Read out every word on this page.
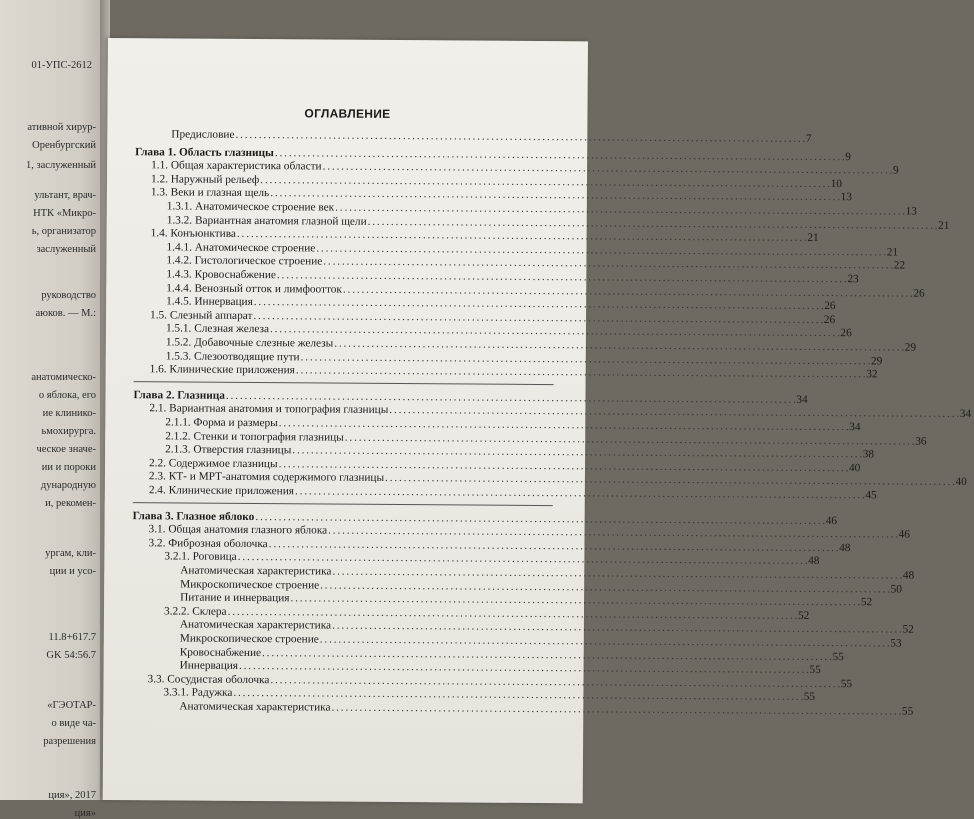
01-УПС-2612
ативной хирур-
Оренбургский
1, заслуженный
ультант, врач-
НТК «Микро-
ь, организатор
заслуженный
руководство
аюков. — М.:
анатомическо-
о яблока, его
ие клинико-
ьмохирурга.
ческое значе-
ии и пороки
дународную
и, рекомен-
ургам, кли-
ции и усо-
11.8+617.7
GK 54:56.7
«ГЭОТАР-
о виде ча-
разрешения
ция», 2017
ция»
ОГЛАВЛЕНИЕ
Предисловие . . .	7
Глава 1. Область глазницы . . .	9
1.1. Общая характеристика области . . .	9
1.2. Наружный рельеф . . .	10
1.3. Веки и глазная щель . . .	13
1.3.1. Анатомическое строение век . . .	13
1.3.2. Вариантная анатомия глазной щели . . .	21
1.4. Конъюнктива . . .	21
1.4.1. Анатомическое строение . . .	21
1.4.2. Гистологическое строение . . .	22
1.4.3. Кровоснабжение . . .	23
1.4.4. Венозный отток и лимфоотток . . .	26
1.4.5. Иннервация . . .	26
1.5. Слезный аппарат . . .	26
1.5.1. Слезная железа . . .	26
1.5.2. Добавочные слезные железы . . .	29
1.5.3. Слезоотводящие пути . . .	29
1.6. Клинические приложения . . .	32
Глава 2. Глазница . . .	34
2.1. Вариантная анатомия и топография глазницы . . .	34
2.1.1. Форма и размеры . . .	34
2.1.2. Стенки и топография глазницы . . .	36
2.1.3. Отверстия глазницы . . .	38
2.2. Содержимое глазницы . . .	40
2.3. КТ- и МРТ-анатомия содержимого глазницы . . .	40
2.4. Клинические приложения . . .	45
Глава 3. Глазное яблоко . . .	46
3.1. Общая анатомия глазного яблока . . .	46
3.2. Фиброзная оболочка . . .	48
3.2.1. Роговица . . .	48
Анатомическая характеристика . . .	48
Микроскопическое строение . . .	50
Питание и иннервация . . .	52
3.2.2. Склера . . .	52
Анатомическая характеристика . . .	52
Микроскопическое строение . . .	53
Кровоснабжение . . .	55
Иннервация . . .	55
3.3. Сосудистая оболочка . . .	55
3.3.1. Радужка . . .	55
Анатомическая характеристика . . .	55
